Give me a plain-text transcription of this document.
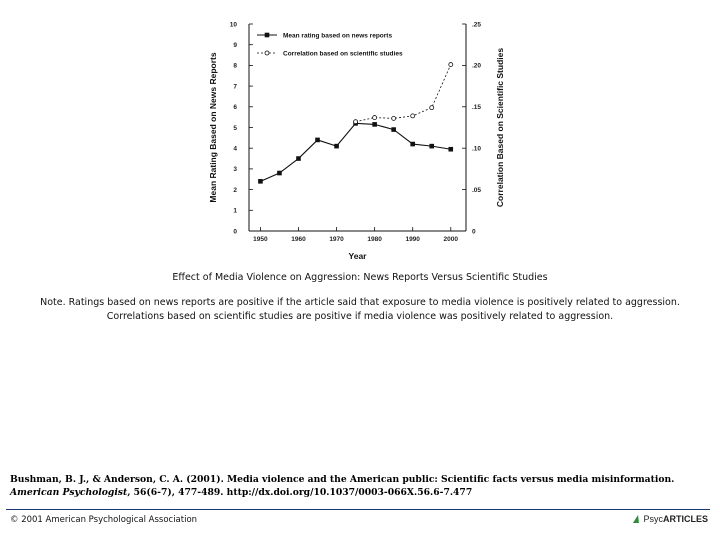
Mean rating based on news reports
Correlation based on scientific studies
0
1
2
3
4
5
6
7
8
9
10
0
.05
.10
.15
.20
.25
1950	1960	1970	1980	1990	2000
Year
Mean Rating Based on News Reports	Correlation Based on Scientific Studies
Effect of Media Violence on Aggression: News Reports Versus Scientific Studies
Note. Ratings based on news reports are positive if the article said that exposure to media violence is positively related to aggression. Correlations based on scientific studies are positive if media violence was positively related to aggression.
Bushman, B. J., & Anderson, C. A. (2001). Media violence and the American public: Scientific facts versus media misinformation.
American Psychologist, 56(6-7), 477-489. http://dx.doi.org/10.1037/0003-066X.56.6-7.477
© 2001 American Psychological Association	Psyc ARTICLES
